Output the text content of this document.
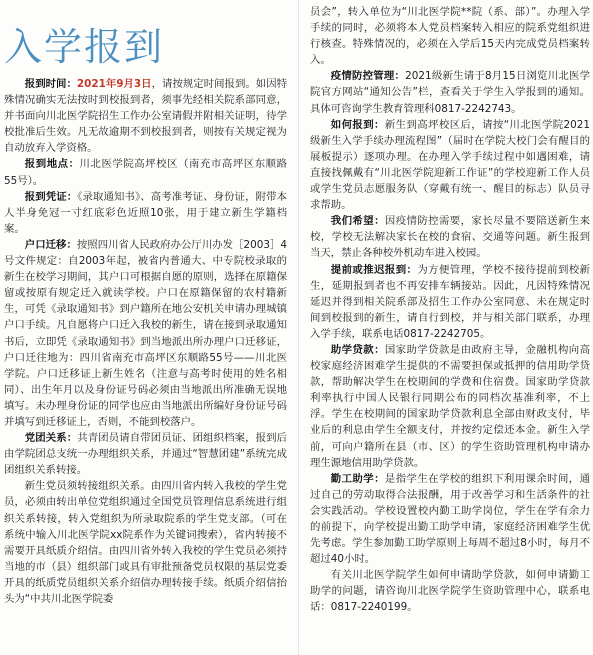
入学报到

报到时间：2021年9月3日，请按规定时间报到。如因特殊情况确实无法按时到校报到者，须事先经相关院系部同意，并书面向川北医学院招生工作办公室请假并附相关证明，待学校批准后生效。凡无故逾期不到校报到者，则按有关规定视为自动放弃入学资格。

报到地点：川北医学院高坪校区（南充市高坪区东顺路55号）。

报到凭证：《录取通知书》、高考准考证、身份证，附带本人半身免冠一寸红底彩色近照10张，用于建立新生学籍档案。

户口迁移：按照四川省人民政府办公厅川办发［2003］4号文件规定：自2003年起，被省内普通大、中专院校录取的新生在校学习期间，其户口可根据自愿的原则，选择在原籍保留或按原有规定迁入就读学校。户口在原籍保留的农村籍新生，可凭《录取通知书》到户籍所在地公安机关申请办理城镇户口手续。凡自愿将户口迁入我校的新生，请在接到录取通知书后，立即凭《录取通知书》到当地派出所办理户口迁移证，户口迁往地为：四川省南充市高坪区东顺路55号——川北医学院。户口迁移证上新生姓名（注意与高考时使用的姓名相同）、出生年月以及身份证号码必须由当地派出所准确无误地填写。未办理身份证的同学也应由当地派出所编好身份证号码并填写到迁移证上，否则，不能到校落户。

党团关系：共青团员请自带团员证、团组织档案，报到后由学院团总支统一办理组织关系，并通过“智慧团建”系统完成团组织关系转接。

新生党员须转接组织关系。由四川省内转入我校的学生党员，必须由转出单位党组织通过全国党员管理信息系统进行组织关系转接，转入党组织为所录取院系的学生党支部。（可在系统中输入川北医学院xx院系作为关键词搜索），省内转接不需要开具纸质介绍信。由四川省外转入我校的学生党员必须持当地的市（县）组织部门或具有审批预备党员权限的基层党委开具的纸质党员组织关系介绍信办理转接手续。纸质介绍信抬头为“中共川北医学院委

员会”，转入单位为“川北医学院**院（系、部）”。办理入学手续的同时，必须将本人党员档案转入相应的院系党组织进行核查。特殊情况的，必须在入学后15天内完成党员档案转入。

疫情防控管理：2021级新生请于8月15日浏览川北医学院官方网站“通知公告”栏，查看关于学生入学报到的通知。具体可咨询学生教育管理科0817-2242743。

如何报到：新生到高坪校区后，请按“川北医学院2021级新生入学手续办理流程图”（届时在学院大校门会有醒目的展板提示）逐项办理。在办理入学手续过程中如遇困难，请直接找佩戴有“川北医学院迎新工作证”的学校迎新工作人员或学生党员志愿服务队（穿戴有统一、醒目的标志）队员寻求帮助。

我们希望：因疫情防控需要，家长尽量不要陪送新生来校，学校无法解决家长在校的食宿、交通等问题。新生报到当天，禁止各种校外机动车进入校园。

提前或推迟报到：为方便管理，学校不接待提前到校新生，延期报到者也不再安排车辆接站。因此，凡因特殊情况延迟并得到相关院系部及招生工作办公室同意、未在规定时间到校报到的新生，请自行到校，并与相关部门联系，办理入学手续，联系电话0817-2242705。

助学贷款：国家助学贷款是由政府主导，金融机构向高校家庭经济困难学生提供的不需要担保或抵押的信用助学贷款，帮助解决学生在校期间的学费和住宿费。国家助学贷款利率执行中国人民银行同期公布的同档次基准利率，不上浮。学生在校期间的国家助学贷款利息全部由财政支付，毕业后的利息由学生全额支付，并按约定偿还本金。新生入学前，可向户籍所在县（市、区）的学生资助管理机构申请办理生源地信用助学贷款。

勤工助学：是指学生在学校的组织下利用课余时间，通过自己的劳动取得合法报酬，用于改善学习和生活条件的社会实践活动。学校设置校内勤工助学岗位，学生在学有余力的前提下，向学校提出勤工助学申请，家庭经济困难学生优先考虑。学生参加勤工助学原则上每周不超过8小时，每月不超过40小时。

有关川北医学院学生如何申请助学贷款，如何申请勤工助学的问题，请咨询川北医学院学生资助管理中心，联系电话：0817-2240199。
